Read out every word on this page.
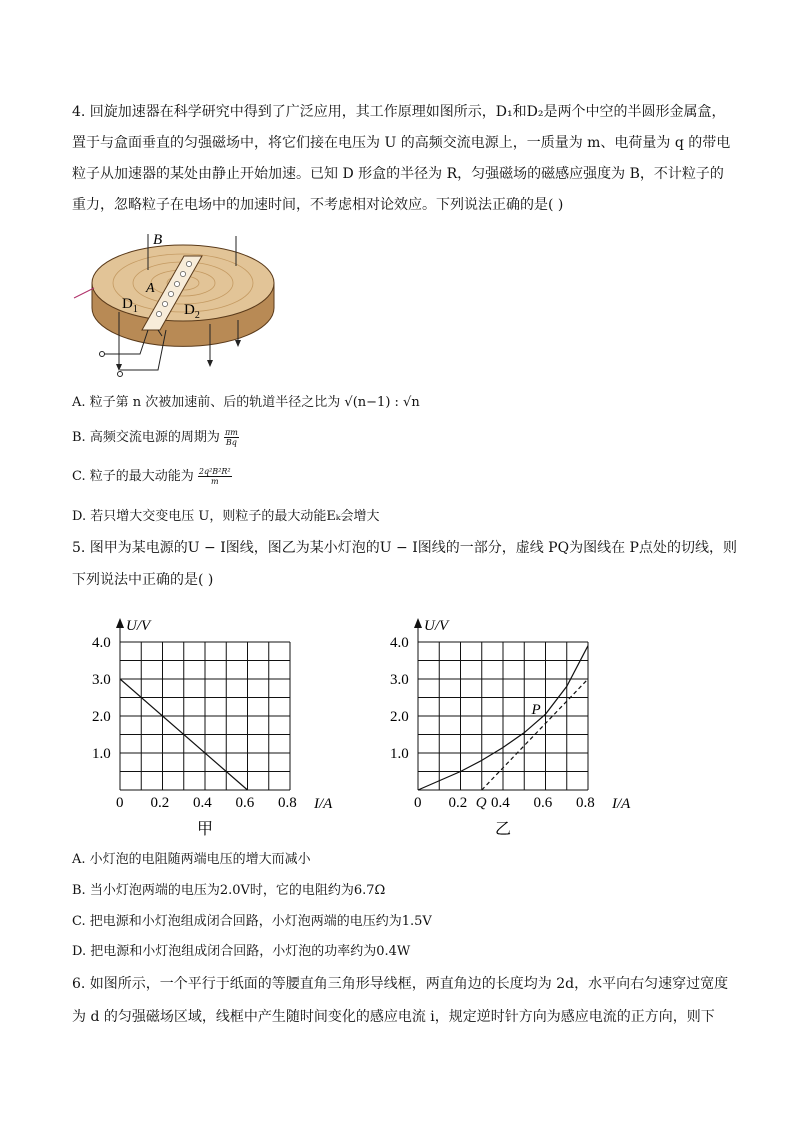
4. 回旋加速器在科学研究中得到了广泛应用，其工作原理如图所示，D₁和D₂是两个中空的半圆形金属盒，
置于与盒面垂直的匀强磁场中，将它们接在电压为 U 的高频交流电源上，一质量为 m、电荷量为 q 的带电
粒子从加速器的某处由静止开始加速。已知 D 形盒的半径为 R，匀强磁场的磁感应强度为 B，不计粒子的
重力，忽略粒子在电场中的加速时间，不考虑相对论效应。下列说法正确的是( )
B
A
$D_1$	$D_2$
A. 粒子第 n 次被加速前、后的轨道半径之比为 √(n−1) : √n
B. 高频交流电源的周期为 $\frac{\pi m}{Bq}$
C. 粒子的最大动能为 $\frac{\text{2q²B²R²}}{m}$
D. 若只增大交变电压 U，则粒子的最大动能Eₖ会增大
5. 图甲为某电源的U − I图线，图乙为某小灯泡的U − I图线的一部分，虚线 PQ为图线在 P点处的切线，则
下列说法中正确的是( )
U/V
1.0
2.0
3.0
4.0
0 0.2 0.4 0.6 0.8 I/A
甲
U/V
1.0
2.0
3.0
4.0
0 0.2 0.4 0.6 0.8 I/A
乙
P
Q
A. 小灯泡的电阻随两端电压的增大而减小
B. 当小灯泡两端的电压为2.0V时，它的电阻约为6.7Ω
C. 把电源和小灯泡组成闭合回路，小灯泡两端的电压约为1.5V
D. 把电源和小灯泡组成闭合回路，小灯泡的功率约为0.4W
6. 如图所示，一个平行于纸面的等腰直角三角形导线框，两直角边的长度均为 2d，水平向右匀速穿过宽度
为 d 的匀强磁场区域，线框中产生随时间变化的感应电流 i，规定逆时针方向为感应电流的正方向，则下
